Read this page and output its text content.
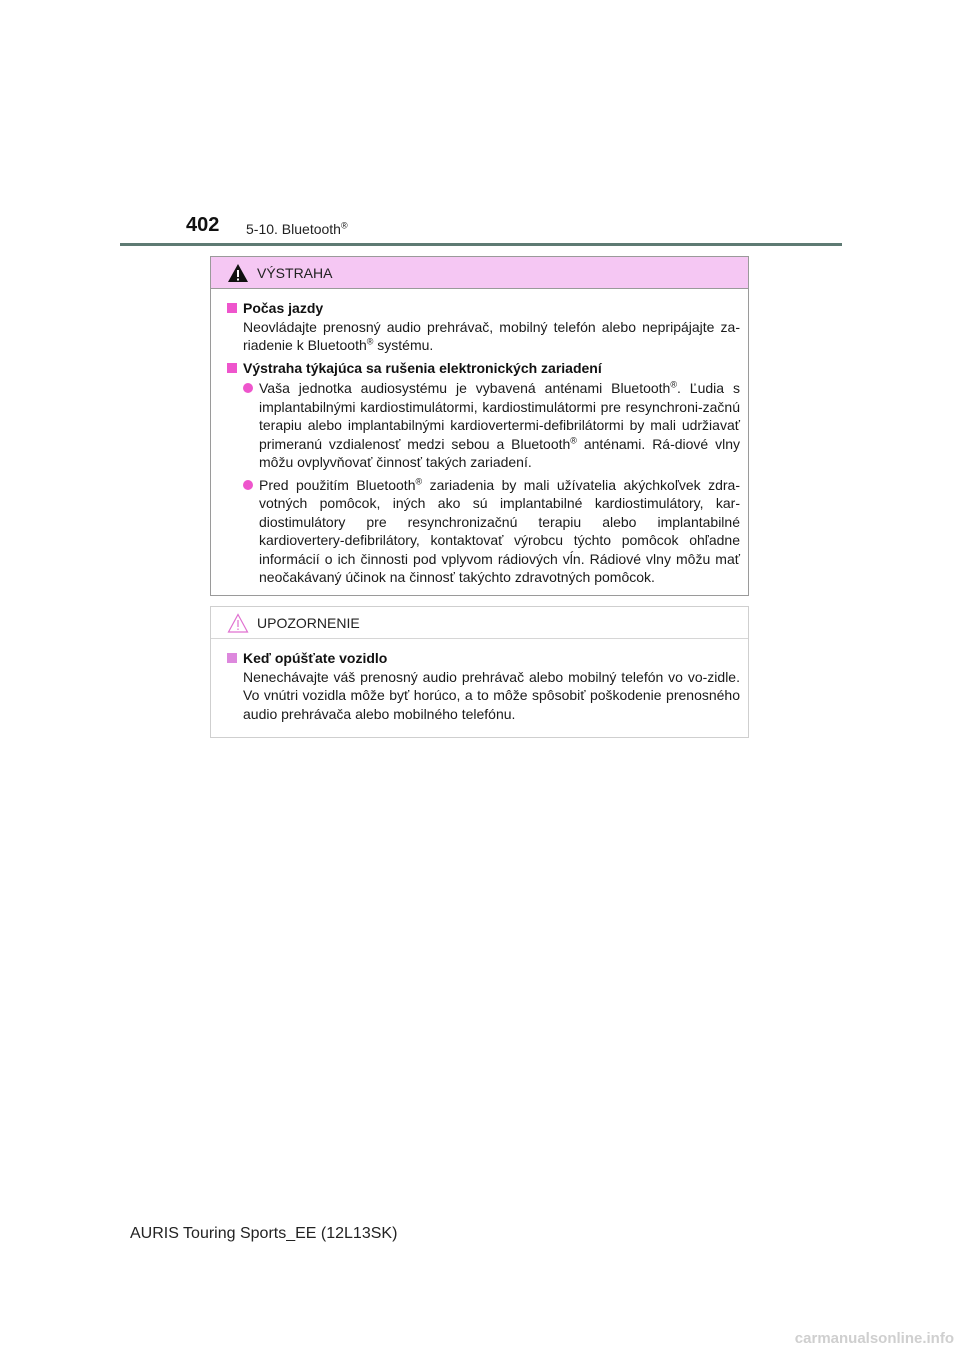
402 5-10. Bluetooth®
VÝSTRAHA
Počas jazdy
Neovládajte prenosný audio prehrávač, mobilný telefón alebo nepripájajte za-riadenie k Bluetooth® systému.
Výstraha týkajúca sa rušenia elektronických zariadení
Vaša jednotka audiosystému je vybavená anténami Bluetooth®. Ľudia s implantabilnými kardiostimulátormi, kardiostimulátormi pre resynchroni-začnú terapiu alebo implantabilnými kardiovertermi-defibrilátormi by mali udržiavať primeranú vzdialenosť medzi sebou a Bluetooth® anténami. Rá-diové vlny môžu ovplyvňovať činnosť takých zariadení.
Pred použitím Bluetooth® zariadenia by mali užívatelia akýchkoľvek zdra-votných pomôcok, iných ako sú implantabilné kardiostimulátory, kar-diostimulátory pre resynchronizačnú terapiu alebo implantabilné kardiovertery-defibrilátory, kontaktovať výrobcu týchto pomôcok ohľadne informácií o ich činnosti pod vplyvom rádiových vĺn. Rádiové vlny môžu mať neočakávaný účinok na činnosť takýchto zdravotných pomôcok.
UPOZORNENIE
Keď opúšťate vozidlo
Nenechávajte váš prenosný audio prehrávač alebo mobilný telefón vo vo-zidle. Vo vnútri vozidla môže byť horúco, a to môže spôsobiť poškodenie prenosného audio prehrávača alebo mobilného telefónu.
AURIS Touring Sports_EE (12L13SK)
carmanualsonline.info
